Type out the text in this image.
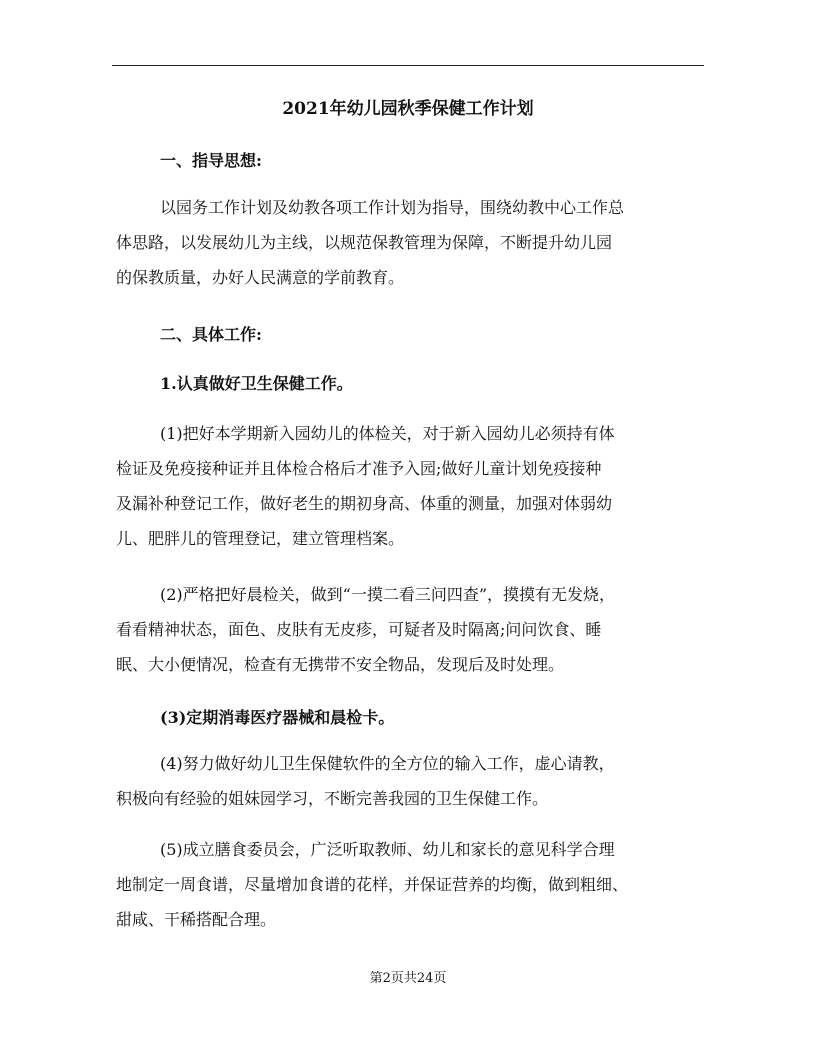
2021年幼儿园秋季保健工作计划
一、指导思想:
以园务工作计划及幼教各项工作计划为指导，围绕幼教中心工作总
体思路，以发展幼儿为主线，以规范保教管理为保障，不断提升幼儿园
的保教质量，办好人民满意的学前教育。
二、具体工作:
1.认真做好卫生保健工作。
(1)把好本学期新入园幼儿的体检关，对于新入园幼儿必须持有体
检证及免疫接种证并且体检合格后才准予入园;做好儿童计划免疫接种
及漏补种登记工作，做好老生的期初身高、体重的测量，加强对体弱幼
儿、肥胖儿的管理登记，建立管理档案。
(2)严格把好晨检关，做到“一摸二看三问四查”，摸摸有无发烧，
看看精神状态，面色、皮肤有无皮疹，可疑者及时隔离;问问饮食、睡
眠、大小便情况，检查有无携带不安全物品，发现后及时处理。
(3)定期消毒医疗器械和晨检卡。
(4)努力做好幼儿卫生保健软件的全方位的输入工作，虚心请教，
积极向有经验的姐妹园学习，不断完善我园的卫生保健工作。
(5)成立膳食委员会，广泛听取教师、幼儿和家长的意见科学合理
地制定一周食谱，尽量增加食谱的花样，并保证营养的均衡，做到粗细、
甜咸、干稀搭配合理。
第2页共24页
